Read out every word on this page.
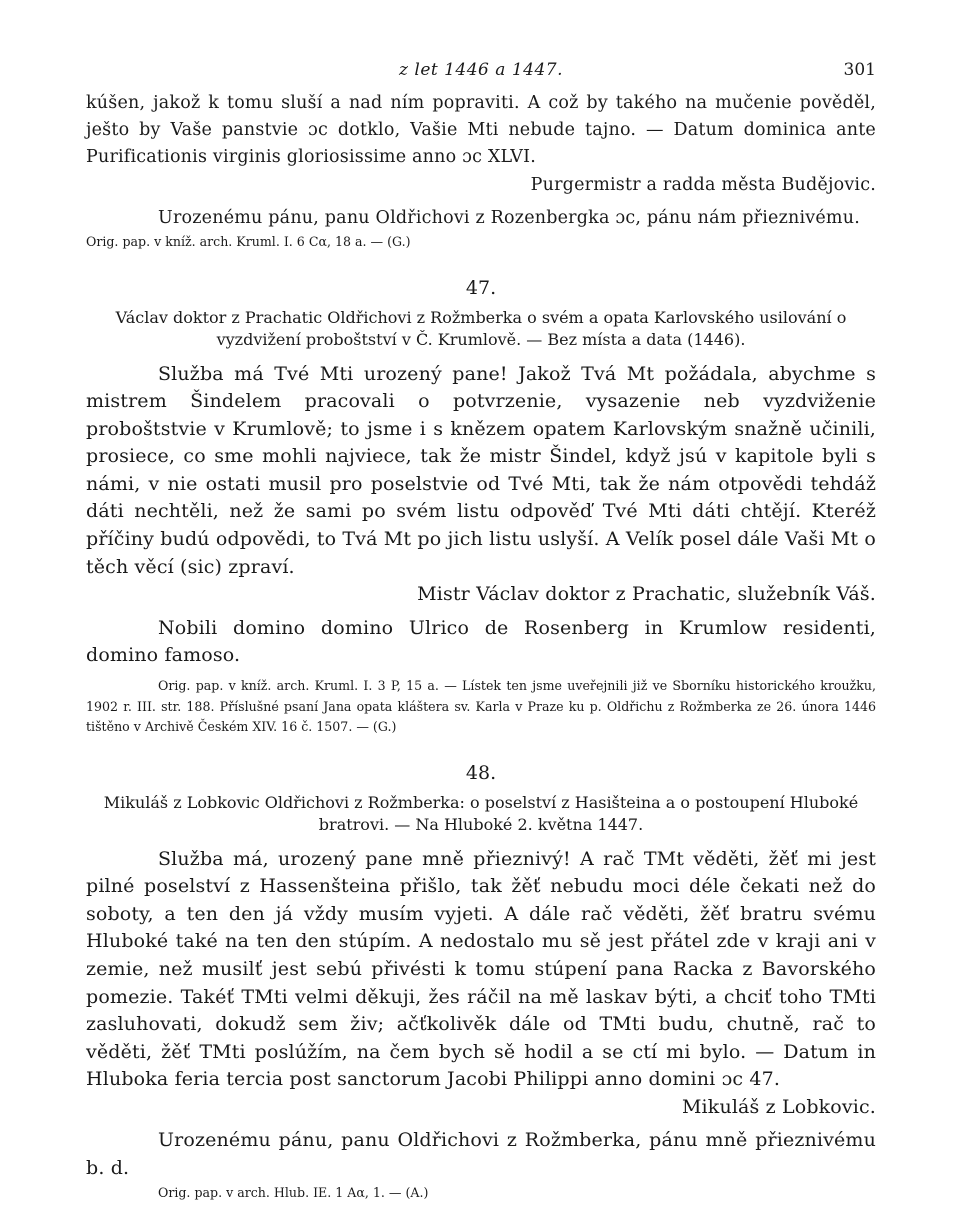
z let 1446 a 1447.	301

kúšen, jakož k tomu sluší a nad ním popraviti. A což by takého na mučenie pověděl, ješto by Vaše panstvie ɔc dotklo, Vašie Mti nebude tajno. — Datum dominica ante Purificationis virginis gloriosissime anno ɔc XLVI.

Purgermistr a radda města Budějovic.

Urozenému pánu, panu Oldřichovi z Rozenbergka ɔc, pánu nám přieznivému.

Orig. pap. v kníž. arch. Kruml. I. 6 Cα, 18 a. — (G.)

47.

Václav doktor z Prachatic Oldřichovi z Rožmberka o svém a opata Karlovského usilování o vyzdvižení proboštství v Č. Krumlově. — Bez místa a data (1446).

Služba má Tvé Mti urozený pane! Jakož Tvá Mt požádala, abychme s mistrem Šindelem pracovali o potvrzenie, vysazenie neb vyzdviženie proboštstvie v Krumlově; to jsme i s knězem opatem Karlovským snažně učinili, prosiece, co sme mohli najviece, tak že mistr Šindel, když jsú v kapitole byli s námi, v nie ostati musil pro poselstvie od Tvé Mti, tak že nám otpovědi tehdáž dáti nechtěli, než že sami po svém listu odpověď Tvé Mti dáti chtějí. Kteréž příčiny budú odpovědi, to Tvá Mt po jich listu uslyší. A Velík posel dále Vaši Mt o těch věcí (sic) zpraví.

Mistr Václav doktor z Prachatic, služebník Váš.

Nobili domino domino Ulrico de Rosenberg in Krumlow residenti, domino famoso.

Orig. pap. v kníž. arch. Kruml. I. 3 P, 15 a. — Lístek ten jsme uveřejnili již ve Sborníku historického kroužku, 1902 r. III. str. 188. Příslušné psaní Jana opata kláštera sv. Karla v Praze ku p. Oldřichu z Rožmberka ze 26. února 1446 tištěno v Archivě Českém XIV. 16 č. 1507. — (G.)

48.

Mikuláš z Lobkovic Oldřichovi z Rožmberka: o poselství z Hasišteina a o postoupení Hluboké bratrovi. — Na Hluboké 2. května 1447.

Služba má, urozený pane mně přieznivý! A rač TMt věděti, žěť mi jest pilné poselství z Hassenšteina přišlo, tak žěť nebudu moci déle čekati než do soboty, a ten den já vždy musím vyjeti. A dále rač věděti, žěť bratru svému Hluboké také na ten den stúpím. A nedostalo mu sě jest přátel zde v kraji ani v zemie, než musilť jest sebú přivésti k tomu stúpení pana Racka z Bavorského pomezie. Takéť TMti velmi děkuji, žes ráčil na mě laskav býti, a chciť toho TMti zasluhovati, dokudž sem živ; ačťkolivěk dále od TMti budu, chutně, rač to věděti, žěť TMti poslúžím, na čem bych sě hodil a se ctí mi bylo. — Datum in Hluboka feria tercia post sanctorum Jacobi Philippi anno domini ɔc 47.

Mikuláš z Lobkovic.

Urozenému pánu, panu Oldřichovi z Rožmberka, pánu mně přieznivému b. d.

Orig. pap. v arch. Hlub. IE. 1 Aα, 1. — (A.)
